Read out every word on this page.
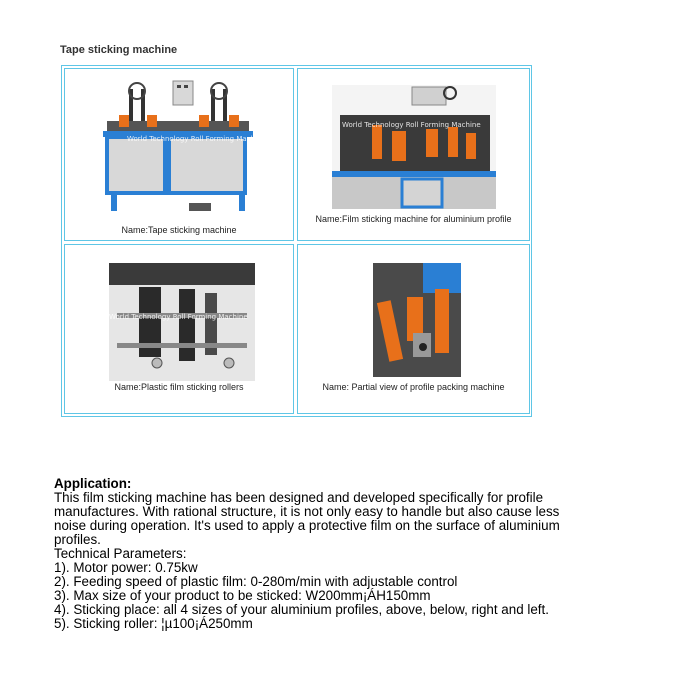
Tape sticking machine
World Technology Roll Forming Machine
Name:Tape sticking machine
World Technology Roll Forming Machine
Name:Film sticking machine for aluminium profile
World Technology Roll Forming Machine
Name:Plastic film sticking rollers	Name: Partial view of profile packing machine

Application:

This film sticking machine has been designed and developed specifically for profile

manufactures. With rational structure, it is not only easy to handle but also cause less

noise during operation. It's used to apply a protective film on the surface of aluminium

profiles.

Technical Parameters:

1). Motor power: 0.75kw

2). Feeding speed of plastic film: 0-280m/min with adjustable control

3). Max size of your product to be sticked: W200mm¡ÁH150mm

4). Sticking place: all 4 sizes of your aluminium profiles, above, below, right and left.

5). Sticking roller: ¦µ100¡Á250mm
